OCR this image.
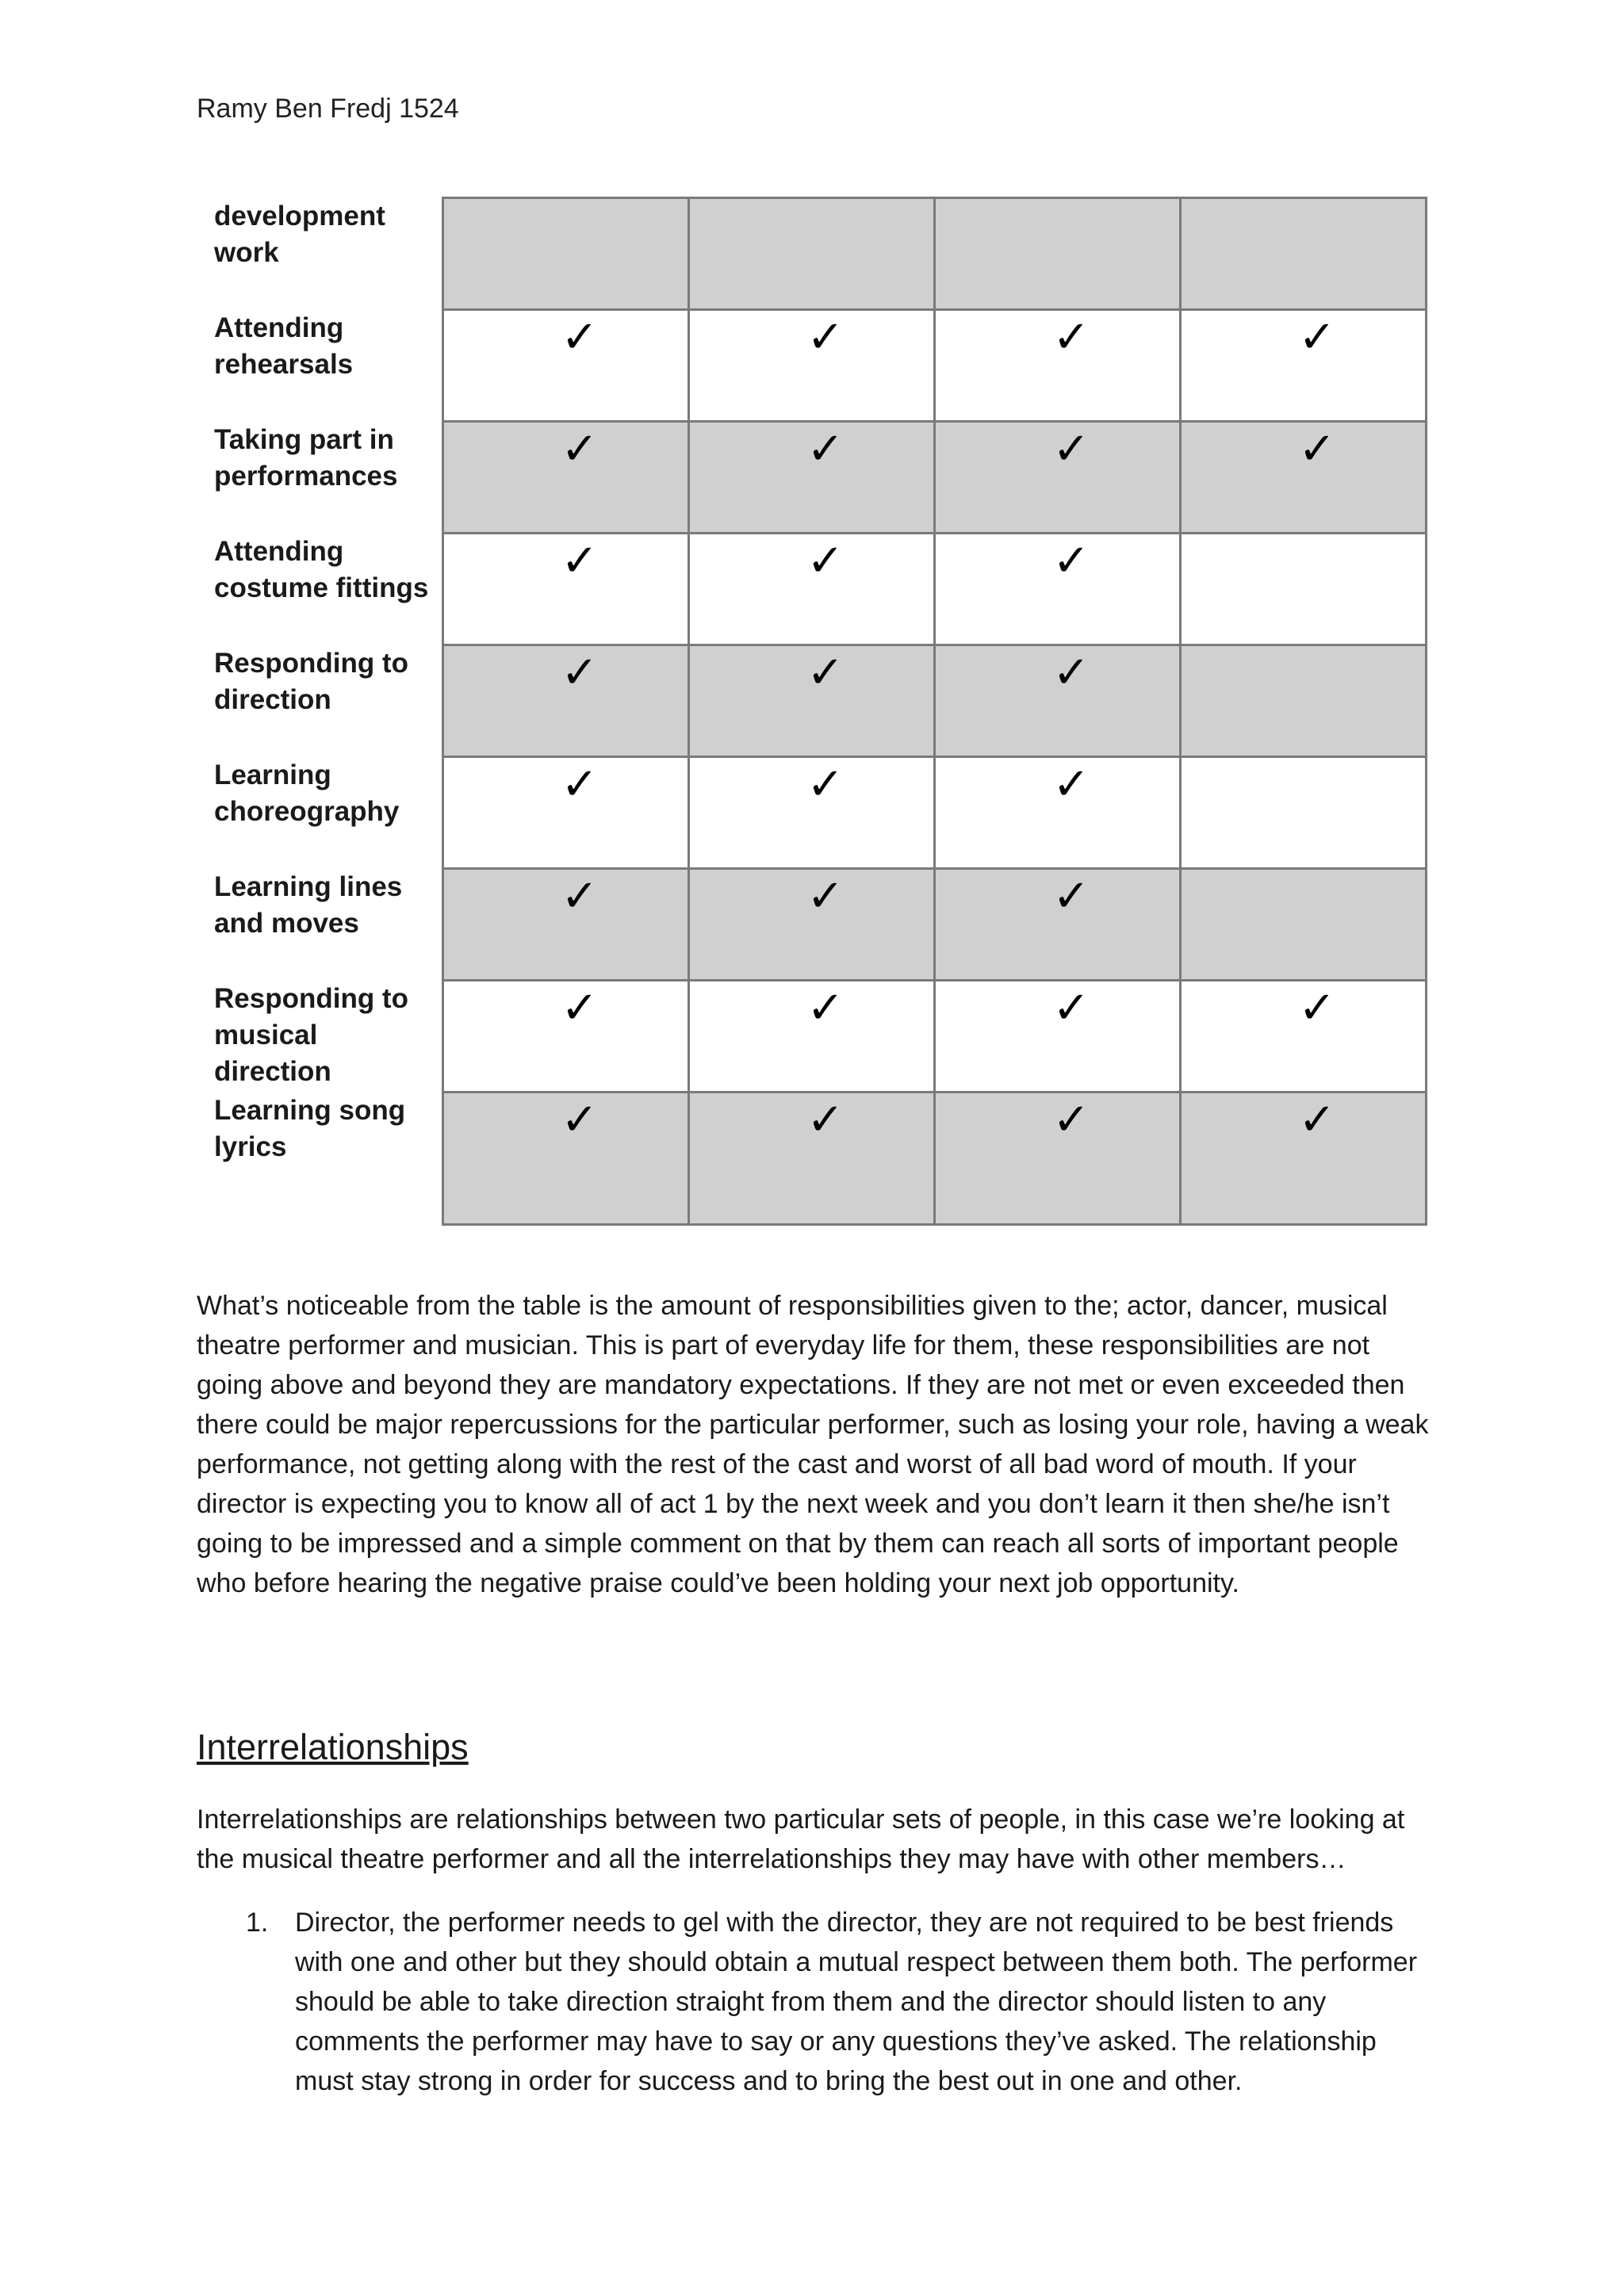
Ramy Ben Fredj 1524
development work				

Attending rehearsals	✓	✓	✓	✓

Taking part in performances	✓	✓	✓	✓

Attending costume fittings	✓	✓	✓	

Responding to direction	✓	✓	✓	

Learning choreography	✓	✓	✓	

Learning lines and moves	✓	✓	✓	

Responding to musical direction	✓	✓	✓	✓

Learning song lyrics	✓	✓	✓	✓
What’s noticeable from the table is the amount of responsibilities given to the; actor, dancer, musical theatre performer and musician. This is part of everyday life for them, these responsibilities are not going above and beyond they are mandatory expectations. If they are not met or even exceeded then there could be major repercussions for the particular performer, such as losing your role, having a weak performance, not getting along with the rest of the cast and worst of all bad word of mouth. If your director is expecting you to know all of act 1 by the next week and you don’t learn it then she/he isn’t going to be impressed and a simple comment on that by them can reach all sorts of important people who before hearing the negative praise could’ve been holding your next job opportunity.
Interrelationships
Interrelationships are relationships between two particular sets of people, in this case we’re looking at the musical theatre performer and all the interrelationships they may have with other members…
1. Director, the performer needs to gel with the director, they are not required to be best friends with one and other but they should obtain a mutual respect between them both. The performer should be able to take direction straight from them and the director should listen to any comments the performer may have to say or any questions they’ve asked. The relationship must stay strong in order for success and to bring the best out in one and other.
